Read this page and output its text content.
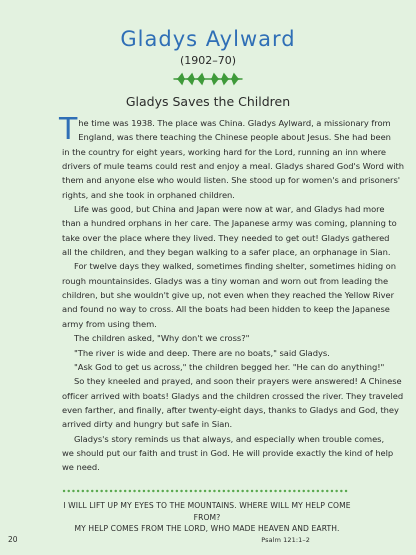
Gladys Aylward
(1902–70)
Gladys Saves the Children

T he time was 1938. The place was China. Gladys Aylward, a missionary from
England, was there teaching the Chinese people about Jesus. She had been
in the country for eight years, working hard for the Lord, running an inn where
drivers of mule teams could rest and enjoy a meal. Gladys shared God's Word with
them and anyone else who would listen. She stood up for women's and prisoners'
rights, and she took in orphaned children.

Life was good, but China and Japan were now at war, and Gladys had more
than a hundred orphans in her care. The Japanese army was coming, planning to
take over the place where they lived. They needed to get out! Gladys gathered
all the children, and they began walking to a safer place, an orphanage in Sian.

For twelve days they walked, sometimes finding shelter, sometimes hiding on
rough mountainsides. Gladys was a tiny woman and worn out from leading the
children, but she wouldn't give up, not even when they reached the Yellow River
and found no way to cross. All the boats had been hidden to keep the Japanese
army from using them.

The children asked, "Why don't we cross?"

"The river is wide and deep. There are no boats," said Gladys.

"Ask God to get us across," the children begged her. "He can do anything!"

So they kneeled and prayed, and soon their prayers were answered! A Chinese
officer arrived with boats! Gladys and the children crossed the river. They traveled
even farther, and finally, after twenty-eight days, thanks to Gladys and God, they
arrived dirty and hungry but safe in Sian.

Gladys's story reminds us that always, and especially when trouble comes,
we should put our faith and trust in God. He will provide exactly the kind of help
we need.

I WILL LIFT UP MY EYES TO THE MOUNTAINS. WHERE WILL MY HELP COME FROM?
MY HELP COMES FROM THE LORD, WHO MADE HEAVEN AND EARTH.
Psalm 121:1–2
20
